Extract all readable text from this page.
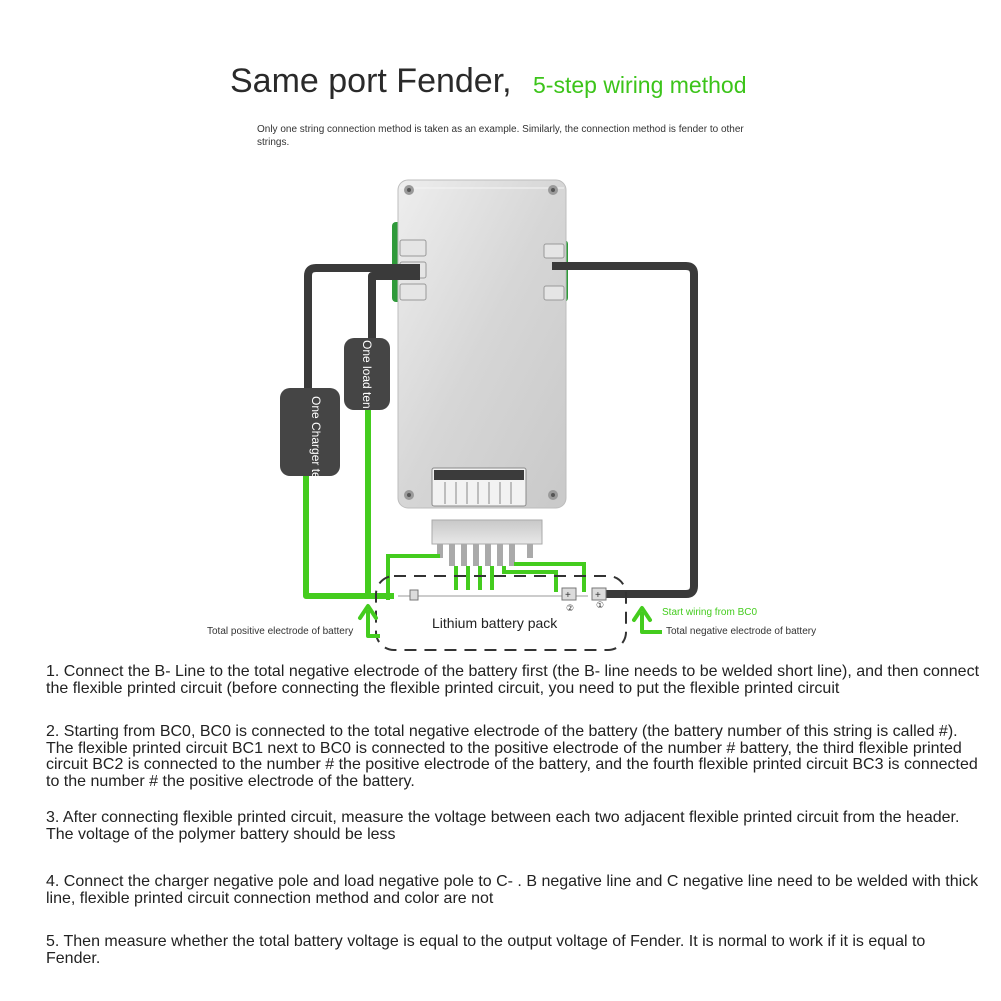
Same port Fender, 5-step wiring method
Only one string connection method is taken as an example. Similarly, the connection method is fender to other strings.
One Charger ten
One load ten
+ +
② ①
Lithium battery pack
Total positive electrode of battery	Total negative electrode of battery
Start wiring from BC0

1. Connect the B- Line to the total negative electrode of the battery first (the B- line needs to be welded short line), and then connect the flexible printed circuit (before connecting the flexible printed circuit, you need to put the flexible printed circuit

2. Starting from BC0, BC0 is connected to the total negative electrode of the battery (the battery number of this string is called #). The flexible printed circuit BC1 next to BC0 is connected to the positive electrode of the number # battery, the third flexible printed circuit BC2 is connected to the number # the positive electrode of the battery, and the fourth flexible printed circuit BC3 is connected to the number # the positive electrode of the battery.

3. After connecting flexible printed circuit, measure the voltage between each two adjacent flexible printed circuit from the header. The voltage of the polymer battery should be less

4. Connect the charger negative pole and load negative pole to C- . B negative line and C negative line need to be welded with thick line, flexible printed circuit connection method and color are not

5. Then measure whether the total battery voltage is equal to the output voltage of Fender. It is normal to work if it is equal to Fender.
